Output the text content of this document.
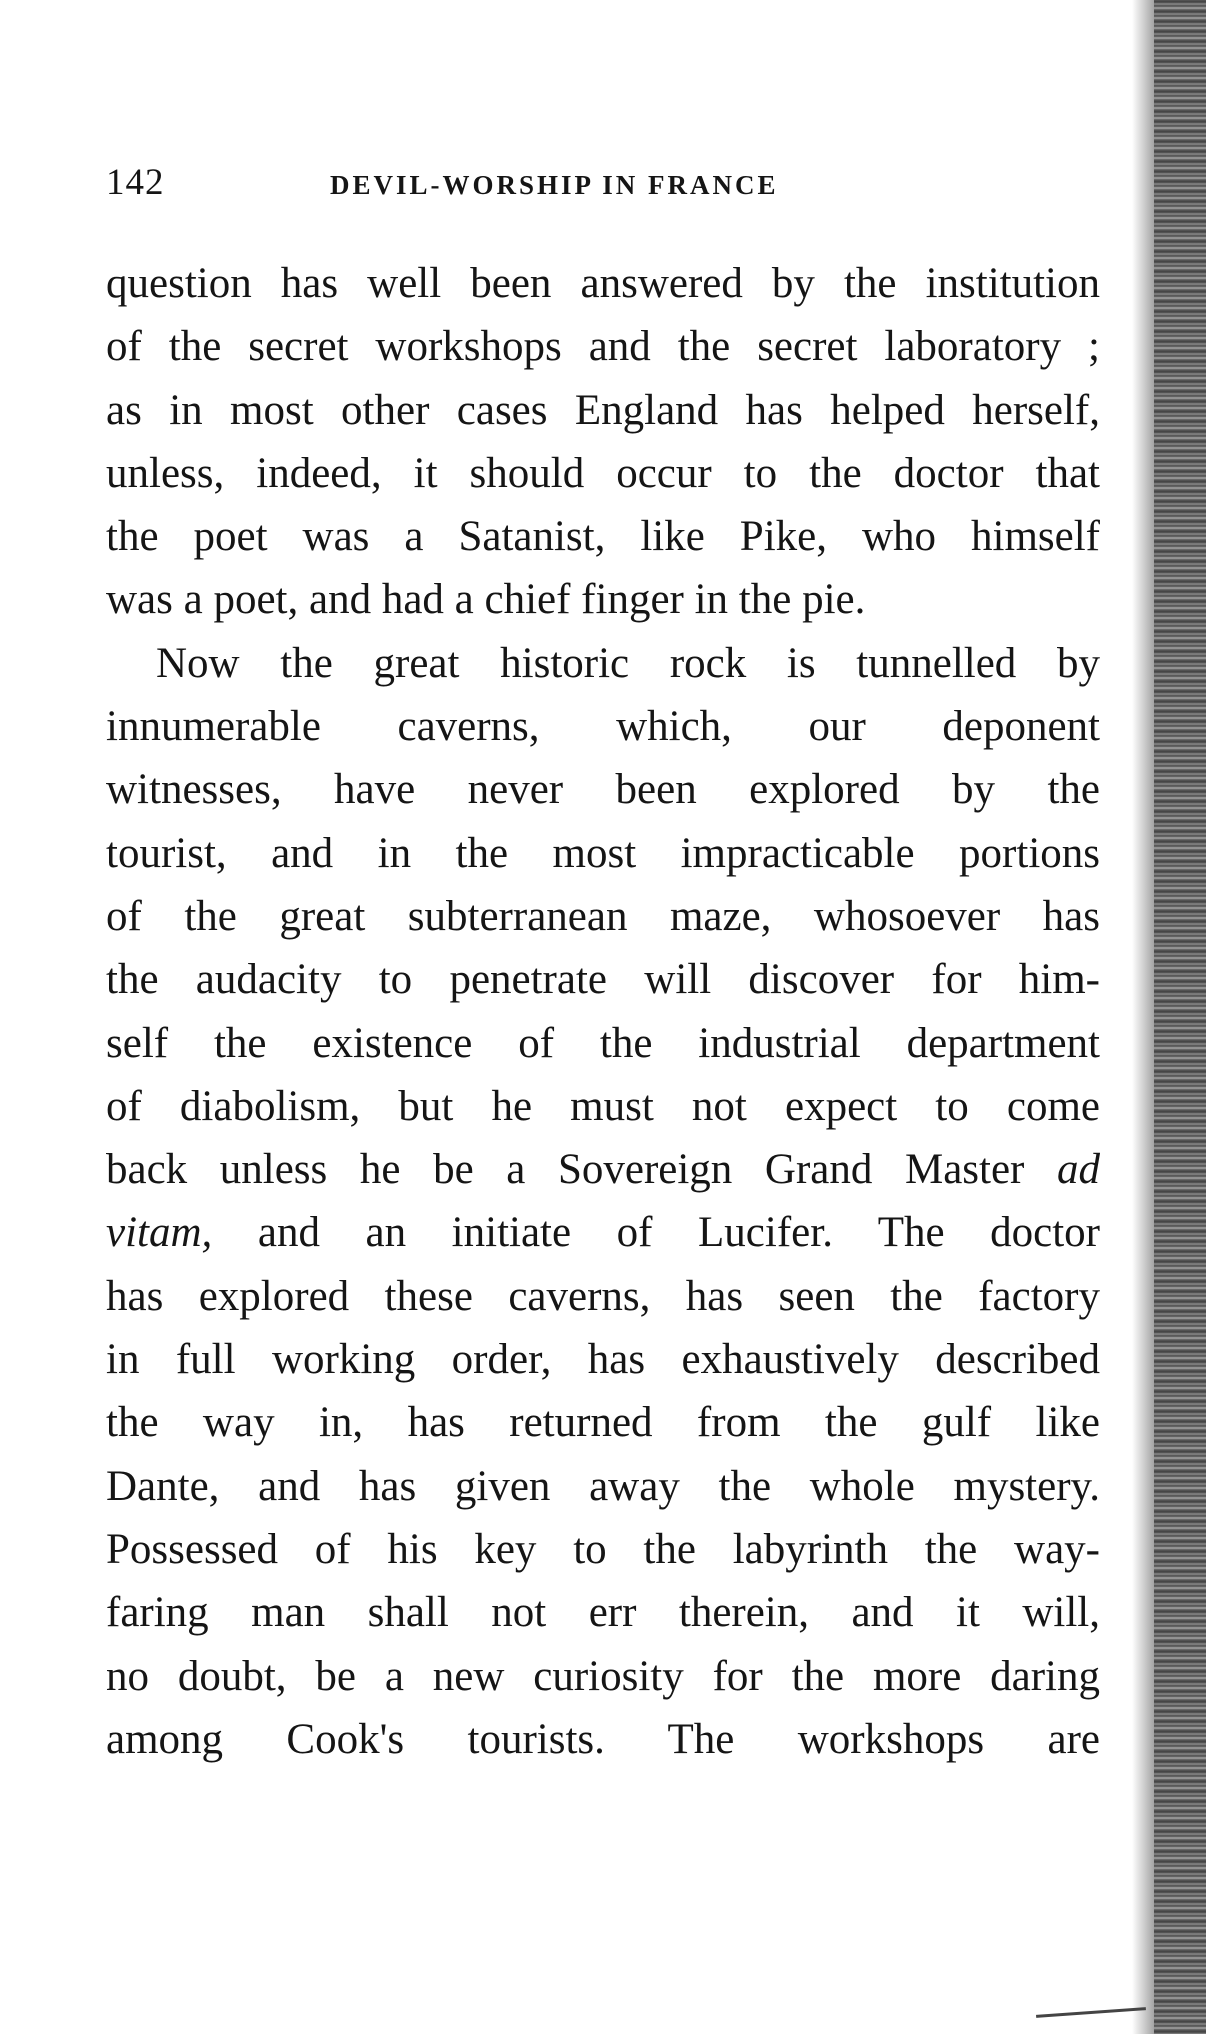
142	DEVIL-WORSHIP IN FRANCE
question has well been answered by the institution
of the secret workshops and the secret laboratory ;
as in most other cases England has helped herself,
unless, indeed, it should occur to the doctor that
the poet was a Satanist, like Pike, who himself
was a poet, and had a chief finger in the pie.
Now the great historic rock is tunnelled by
innumerable caverns, which, our deponent
witnesses, have never been explored by the
tourist, and in the most impracticable portions
of the great subterranean maze, whosoever has
the audacity to penetrate will discover for him-
self the existence of the industrial department
of diabolism, but he must not expect to come
back unless he be a Sovereign Grand Master ad
vitam, and an initiate of Lucifer. The doctor
has explored these caverns, has seen the factory
in full working order, has exhaustively described
the way in, has returned from the gulf like
Dante, and has given away the whole mystery.
Possessed of his key to the labyrinth the way-
faring man shall not err therein, and it will,
no doubt, be a new curiosity for the more daring
among Cook's tourists. The workshops are
